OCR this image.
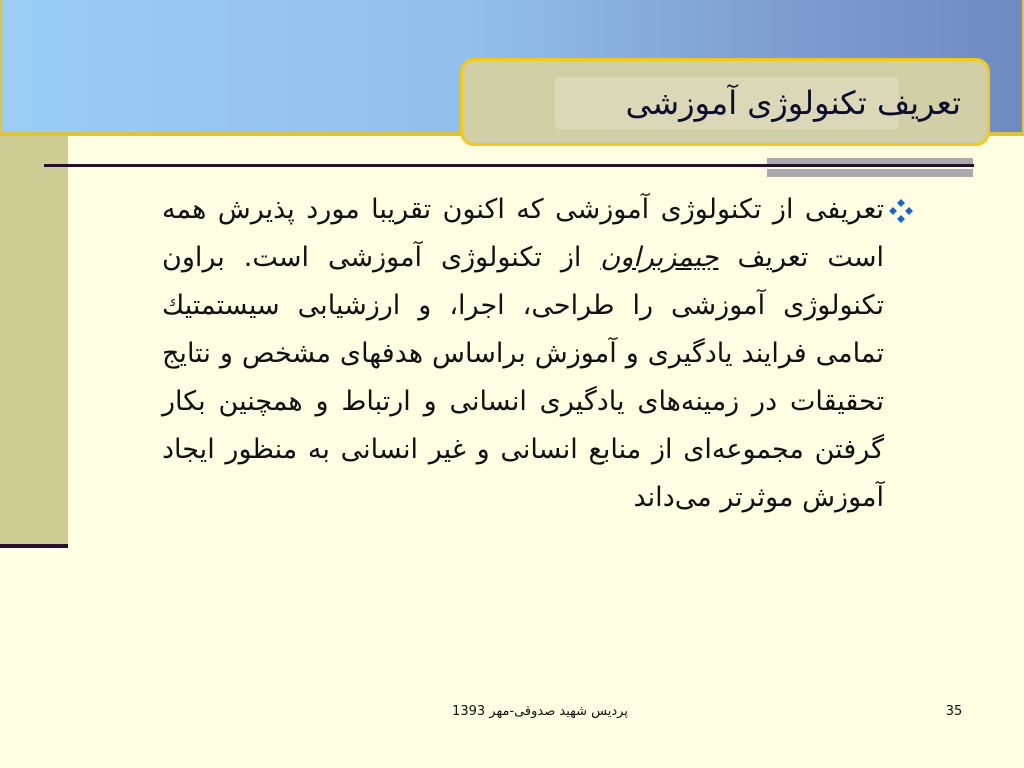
تعریف تکنولوژی آموزشی
تعریفی از تکنولوژی آموزشی که اکنون تقریبا مورد پذیرش همه است تعریف جیمزبراون از تکنولوژی آموزشی است. براون تکنولوژی آموزشی را طراحی، اجرا، و ارزشیابی سیستمتیك تمامی فرایند یادگیری و آموزش براساس هدفهای مشخص و نتایج تحقیقات در زمینه‌های یادگیری انسانی و ارتباط و همچنین بکار گرفتن مجموعه‌ای از منابع انسانی و غیر انسانی به منظور ایجاد آموزش موثرتر می‌داند
پردیس شهید صدوقی-مهر 1393	35
